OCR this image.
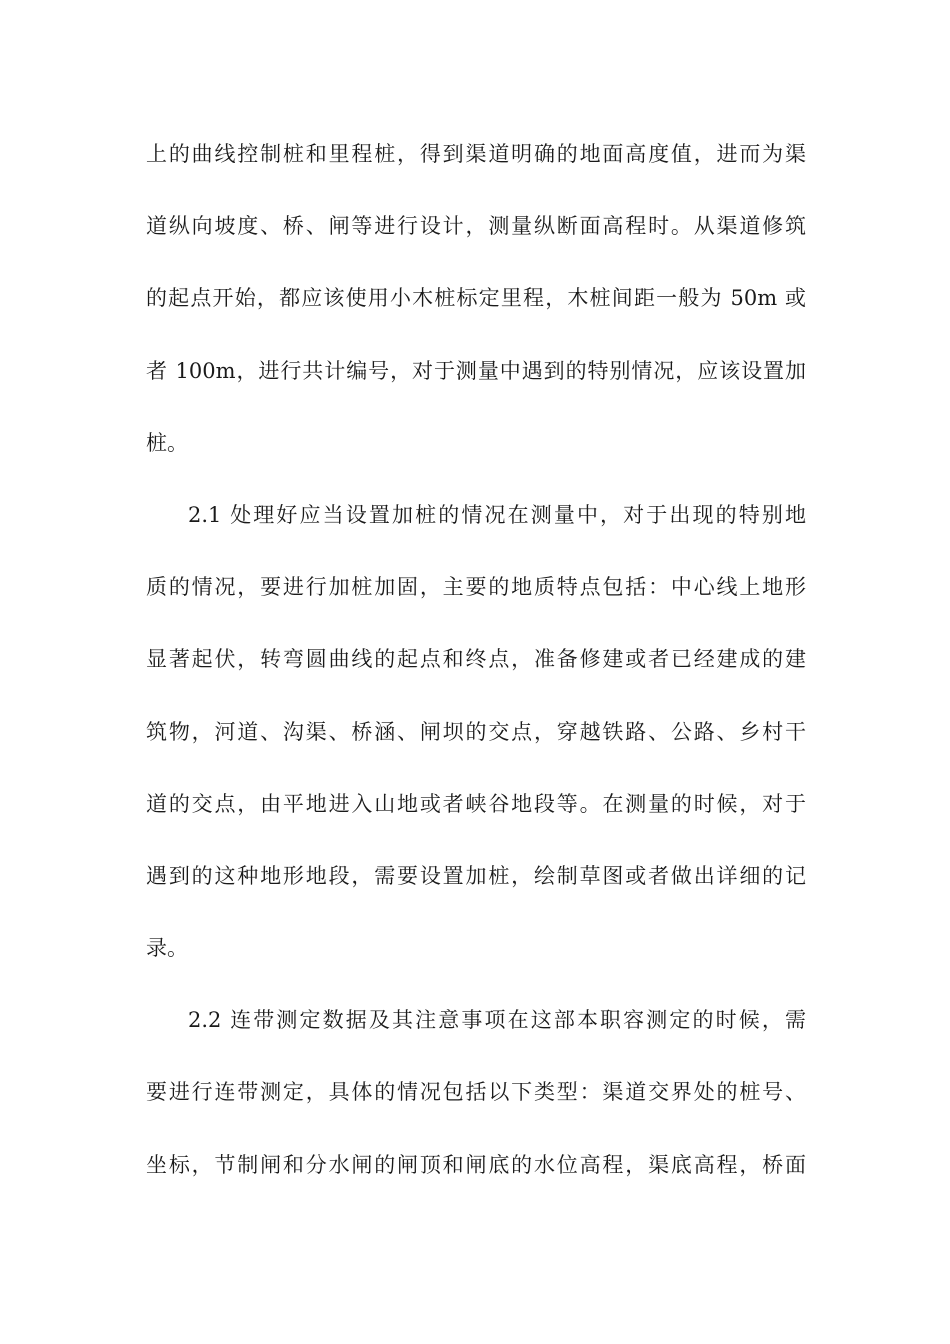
上的曲线控制桩和里程桩，得到渠道明确的地面高度值，进而为渠
道纵向坡度、桥、闸等进行设计，测量纵断面高程时。从渠道修筑
的起点开始，都应该使用小木桩标定里程，木桩间距一般为 50m 或
者 100m，进行共计编号，对于测量中遇到的特别情况，应该设置加
桩。
2.1 处理好应当设置加桩的情况在测量中，对于出现的特别地
质的情况，要进行加桩加固，主要的地质特点包括：中心线上地形
显著起伏，转弯圆曲线的起点和终点，准备修建或者已经建成的建
筑物，河道、沟渠、桥涵、闸坝的交点，穿越铁路、公路、乡村干
道的交点，由平地进入山地或者峡谷地段等。在测量的时候，对于
遇到的这种地形地段，需要设置加桩，绘制草图或者做出详细的记
录。
2.2 连带测定数据及其注意事项在这部本职容测定的时候，需
要进行连带测定，具体的情况包括以下类型：渠道交界处的桩号、
坐标，节制闸和分水闸的闸顶和闸底的水位高程，渠底高程，桥面
